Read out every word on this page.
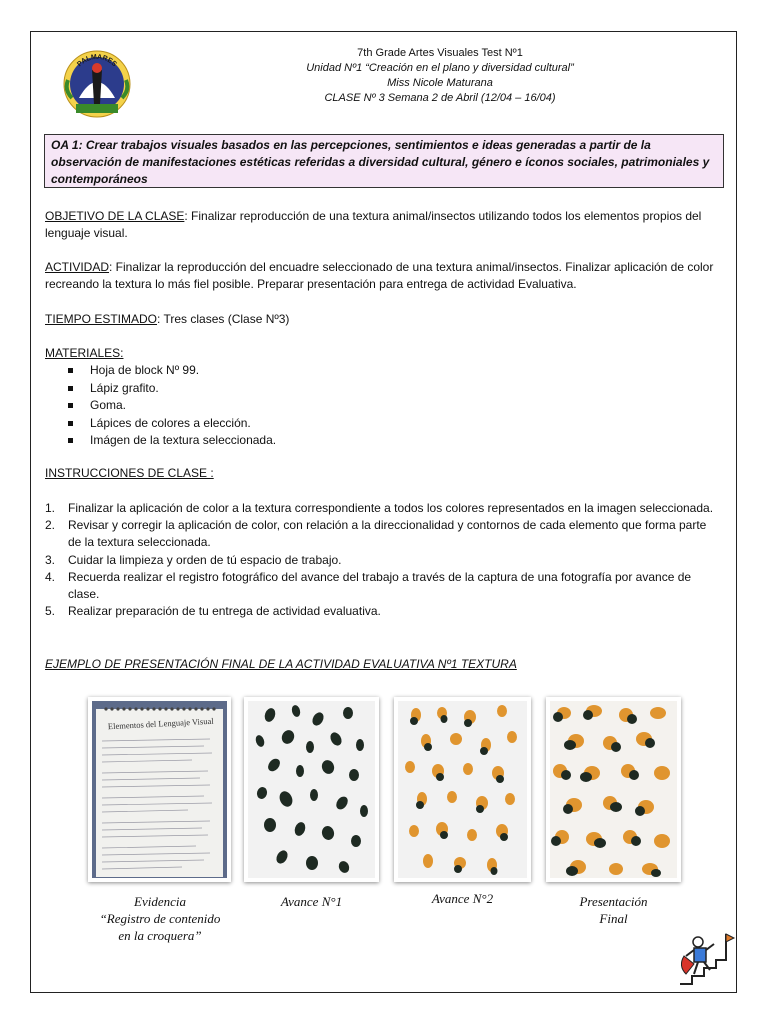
PALMARES
7th Grade Artes Visuales Test Nº1
Unidad Nº1 “Creación en el plano y diversidad cultural”
Miss Nicole Maturana
CLASE Nº 3 Semana 2 de Abril (12/04 – 16/04)
OA 1: Crear trabajos visuales basados en las percepciones, sentimientos e ideas generadas a partir de la observación de manifestaciones estéticas referidas a diversidad cultural, género e íconos sociales, patrimoniales y contemporáneos
OBJETIVO DE LA CLASE: Finalizar reproducción de una textura animal/insectos utilizando todos los elementos propios del lenguaje visual.
ACTIVIDAD: Finalizar la reproducción del encuadre seleccionado de una textura animal/insectos. Finalizar aplicación de color recreando la textura lo más fiel posible. Preparar presentación para entrega de actividad Evaluativa.
TIEMPO ESTIMADO: Tres clases (Clase Nº3)
MATERIALES:
Hoja de block Nº 99.
Lápiz grafito.
Goma.
Lápices de colores a elección.
Imágen de la textura seleccionada.
INSTRUCCIONES DE CLASE :
1. Finalizar la aplicación de color a la textura correspondiente a todos los colores representados en la imagen seleccionada.
2. Revisar y corregir la aplicación de color, con relación a la direccionalidad y contornos de cada elemento que forma parte de la textura seleccionada.
3. Cuidar la limpieza y orden de tú espacio de trabajo.
4. Recuerda realizar el registro fotográfico del avance del trabajo a través de la captura de una fotografía por avance de clase.
5. Realizar preparación de tu entrega de actividad evaluativa.
EJEMPLO DE PRESENTACIÓN FINAL DE LA ACTIVIDAD EVALUATIVA Nº1 TEXTURA
Elementos del Lenguaje Visual
Evidencia
“Registro de contenido
en la croquera”
Avance N°1	Avance N°2	Presentación
Final
